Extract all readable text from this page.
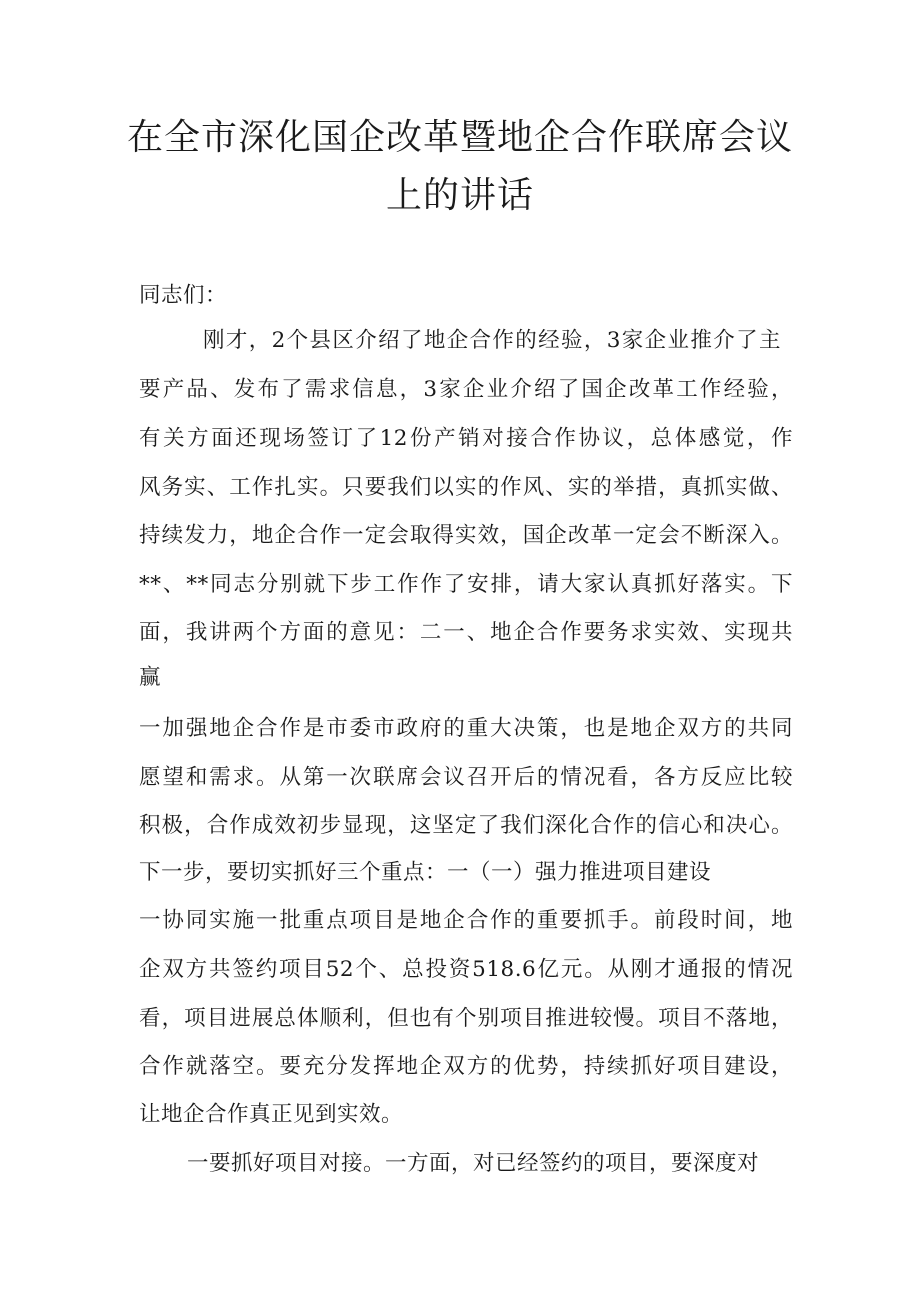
在全市深化国企改革暨地企合作联席会议
上的讲话
同志们：
刚才，2个县区介绍了地企合作的经验，3家企业推介了主
要产品、发布了需求信息，3家企业介绍了国企改革工作经验，
有关方面还现场签订了12份产销对接合作协议，总体感觉，作
风务实、工作扎实。只要我们以实的作风、实的举措，真抓实做、
持续发力，地企合作一定会取得实效，国企改革一定会不断深入。
**、**同志分别就下步工作作了安排，请大家认真抓好落实。下
面，我讲两个方面的意见：二一、地企合作要务求实效、实现共
赢
一加强地企合作是市委市政府的重大决策，也是地企双方的共同
愿望和需求。从第一次联席会议召开后的情况看，各方反应比较
积极，合作成效初步显现，这坚定了我们深化合作的信心和决心。
下一步，要切实抓好三个重点：一（一）强力推进项目建设
一协同实施一批重点项目是地企合作的重要抓手。前段时间，地
企双方共签约项目52个、总投资518.6亿元。从刚才通报的情况
看，项目进展总体顺利，但也有个别项目推进较慢。项目不落地，
合作就落空。要充分发挥地企双方的优势，持续抓好项目建设，
让地企合作真正见到实效。
一要抓好项目对接。一方面，对已经签约的项目，要深度对
